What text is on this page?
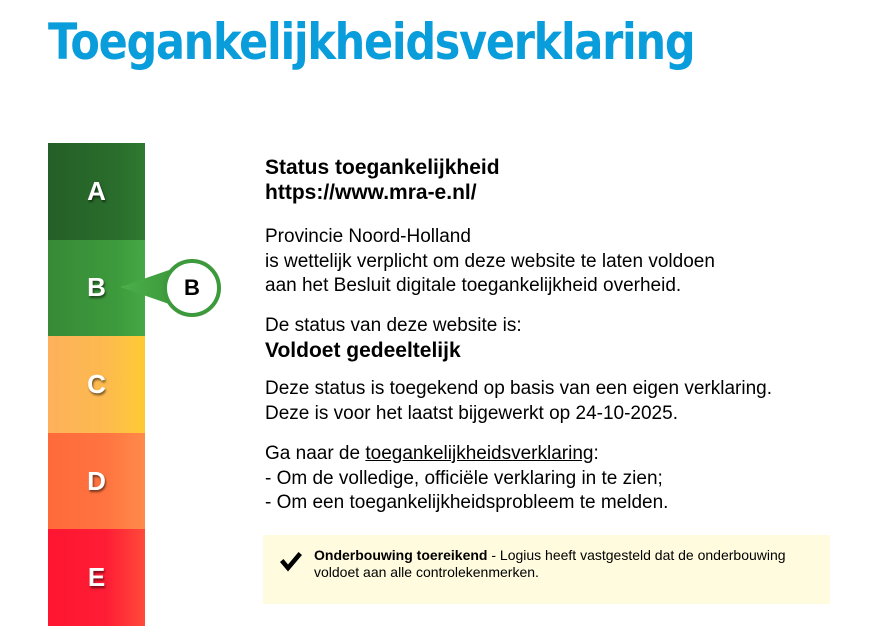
Toegankelijkheidsverklaring
A
B
C
D
E
B
Status toegankelijkheid
https://www.mra-e.nl/
Provincie Noord-Holland
is wettelijk verplicht om deze website te laten voldoen
aan het Besluit digitale toegankelijkheid overheid.
De status van deze website is:
Voldoet gedeeltelijk
Deze status is toegekend op basis van een eigen verklaring.
Deze is voor het laatst bijgewerkt op 24-10-2025.
Ga naar de toegankelijkheidsverklaring:
- Om de volledige, officiële verklaring in te zien;
- Om een toegankelijkheidsprobleem te melden.
Onderbouwing toereikend - Logius heeft vastgesteld dat de onderbouwing voldoet aan alle controlekenmerken.
